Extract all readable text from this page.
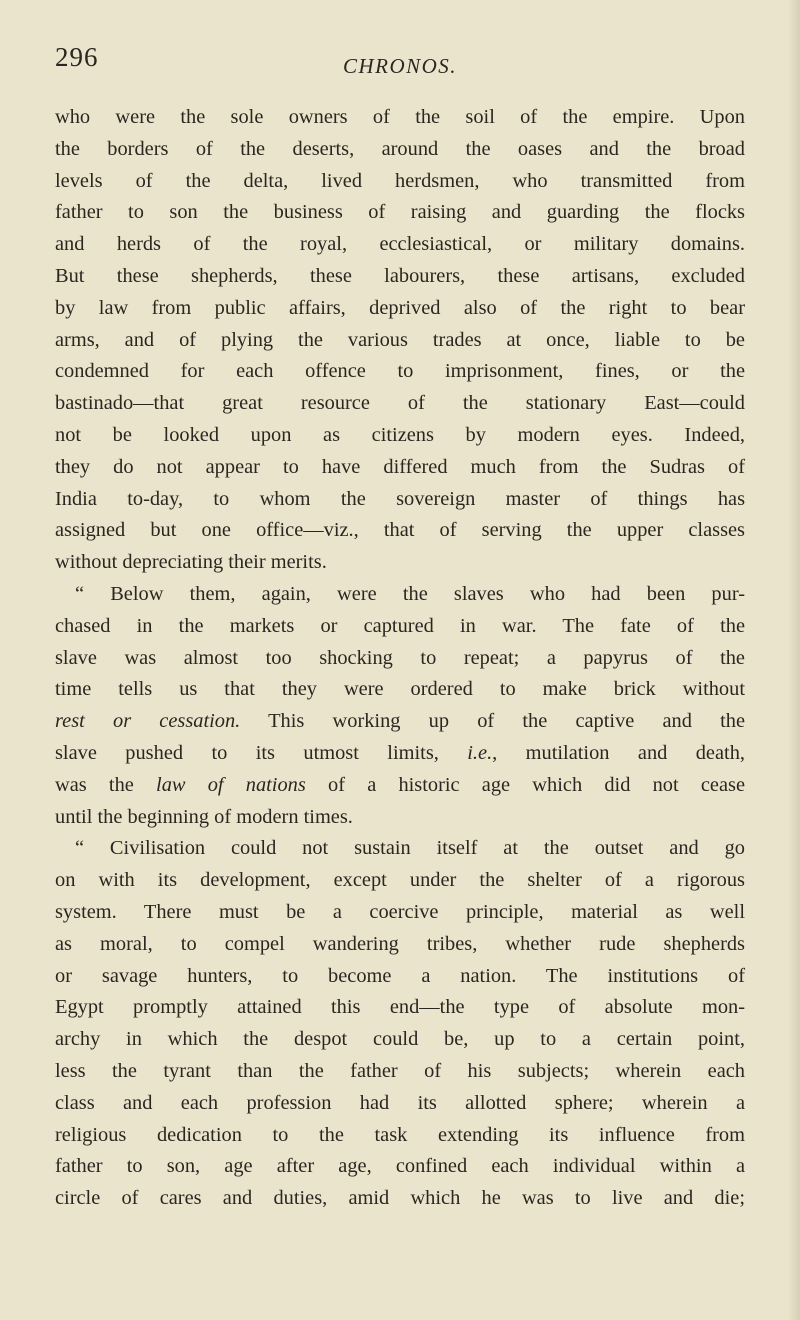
296	CHRONOS.
who were the sole owners of the soil of the empire. Upon
the borders of the deserts, around the oases and the broad
levels of the delta, lived herdsmen, who transmitted from
father to son the business of raising and guarding the flocks
and herds of the royal, ecclesiastical, or military domains.
But these shepherds, these labourers, these artisans, excluded
by law from public affairs, deprived also of the right to bear
arms, and of plying the various trades at once, liable to be
condemned for each offence to imprisonment, fines, or the
bastinado—that great resource of the stationary East—could
not be looked upon as citizens by modern eyes. Indeed,
they do not appear to have differed much from the Sudras of
India to-day, to whom the sovereign master of things has
assigned but one office—viz., that of serving the upper classes
without depreciating their merits.
“ Below them, again, were the slaves who had been pur-
chased in the markets or captured in war. The fate of the
slave was almost too shocking to repeat; a papyrus of the
time tells us that they were ordered to make brick without
rest or cessation. This working up of the captive and the
slave pushed to its utmost limits, i.e., mutilation and death,
was the law of nations of a historic age which did not cease
until the beginning of modern times.
“ Civilisation could not sustain itself at the outset and go
on with its development, except under the shelter of a rigorous
system. There must be a coercive principle, material as well
as moral, to compel wandering tribes, whether rude shepherds
or savage hunters, to become a nation. The institutions of
Egypt promptly attained this end—the type of absolute mon-
archy in which the despot could be, up to a certain point,
less the tyrant than the father of his subjects; wherein each
class and each profession had its allotted sphere; wherein a
religious dedication to the task extending its influence from
father to son, age after age, confined each individual within a
circle of cares and duties, amid which he was to live and die;
